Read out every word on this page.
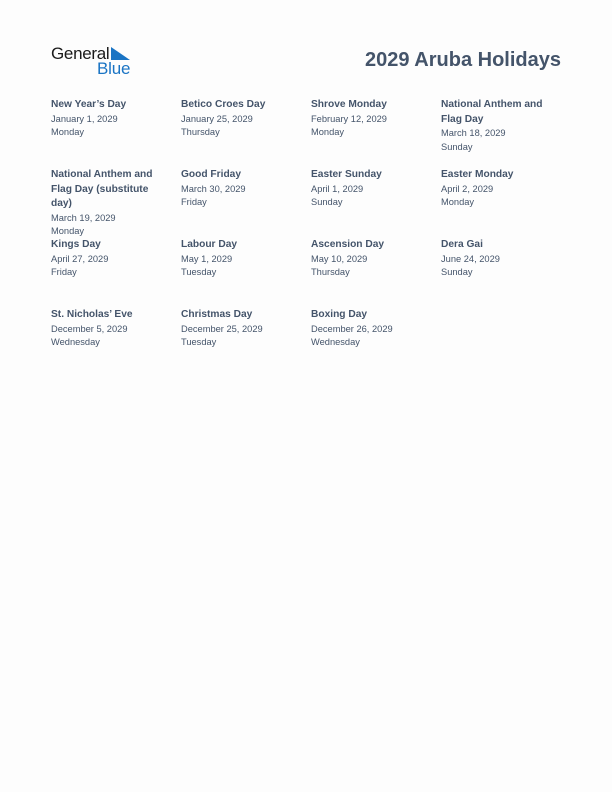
General
Blue	2029 Aruba Holidays
New Year’s Day
January 1, 2029
Monday
Betico Croes Day
January 25, 2029
Thursday
Shrove Monday
February 12, 2029
Monday
National Anthem and Flag Day
March 18, 2029
Sunday
National Anthem and Flag Day (substitute day)
March 19, 2029
Monday
Good Friday
March 30, 2029
Friday
Easter Sunday
April 1, 2029
Sunday
Easter Monday
April 2, 2029
Monday
Kings Day
April 27, 2029
Friday
Labour Day
May 1, 2029
Tuesday
Ascension Day
May 10, 2029
Thursday
Dera Gai
June 24, 2029
Sunday
St. Nicholas’ Eve
December 5, 2029
Wednesday
Christmas Day
December 25, 2029
Tuesday
Boxing Day
December 26, 2029
Wednesday
